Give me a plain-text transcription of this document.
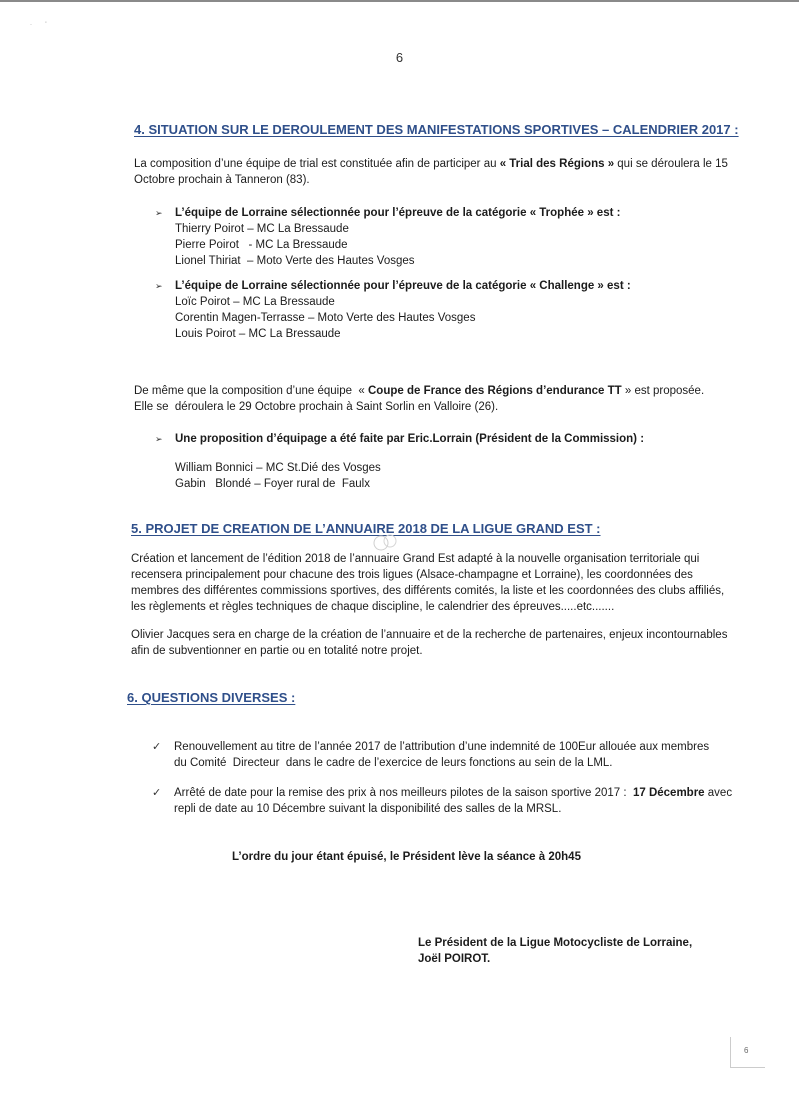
·        '
6
4. SITUATION SUR LE DEROULEMENT DES MANIFESTATIONS SPORTIVES – CALENDRIER 2017 :
La composition d’une équipe de trial est constituée afin de participer au « Trial des Régions » qui se déroulera le 15
Octobre prochain à Tanneron (83).
➢ L’équipe de Lorraine sélectionnée pour l’épreuve de la catégorie « Trophée » est :
Thierry Poirot – MC La Bressaude
Pierre Poirot   - MC La Bressaude
Lionel Thiriat  – Moto Verte des Hautes Vosges
➢ L’équipe de Lorraine sélectionnée pour l’épreuve de la catégorie « Challenge » est :
Loïc Poirot – MC La Bressaude
Corentin Magen-Terrasse – Moto Verte des Hautes Vosges
Louis Poirot – MC La Bressaude
De même que la composition d’une équipe  « Coupe de France des Régions d’endurance TT » est proposée.
Elle se  déroulera le 29 Octobre prochain à Saint Sorlin en Valloire (26).
➢ Une proposition d’équipage a été faite par Eric.Lorrain (Président de la Commission) :
William Bonnici – MC St.Dié des Vosges
Gabin   Blondé – Foyer rural de  Faulx
5. PROJET DE CREATION DE L’ANNUAIRE 2018 DE LA LIGUE GRAND EST :
Création et lancement de l’édition 2018 de l’annuaire Grand Est adapté à la nouvelle organisation territoriale qui
recensera principalement pour chacune des trois ligues (Alsace-champagne et Lorraine), les coordonnées des
membres des différentes commissions sportives, des différents comités, la liste et les coordonnées des clubs affiliés,
les règlements et règles techniques de chaque discipline, le calendrier des épreuves.....etc.......
Olivier Jacques sera en charge de la création de l’annuaire et de la recherche de partenaires, enjeux incontournables
afin de subventionner en partie ou en totalité notre projet.
6. QUESTIONS DIVERSES :
✓ Renouvellement au titre de l’année 2017 de l’attribution d’une indemnité de 100Eur allouée aux membres
du Comité  Directeur  dans le cadre de l’exercice de leurs fonctions au sein de la LML.
✓ Arrêté de date pour la remise des prix à nos meilleurs pilotes de la saison sportive 2017 :  17 Décembre avec
repli de date au 10 Décembre suivant la disponibilité des salles de la MRSL.
L’ordre du jour étant épuisé, le Président lève la séance à 20h45
Le Président de la Ligue Motocycliste de Lorraine,
Joël POIROT.
6
